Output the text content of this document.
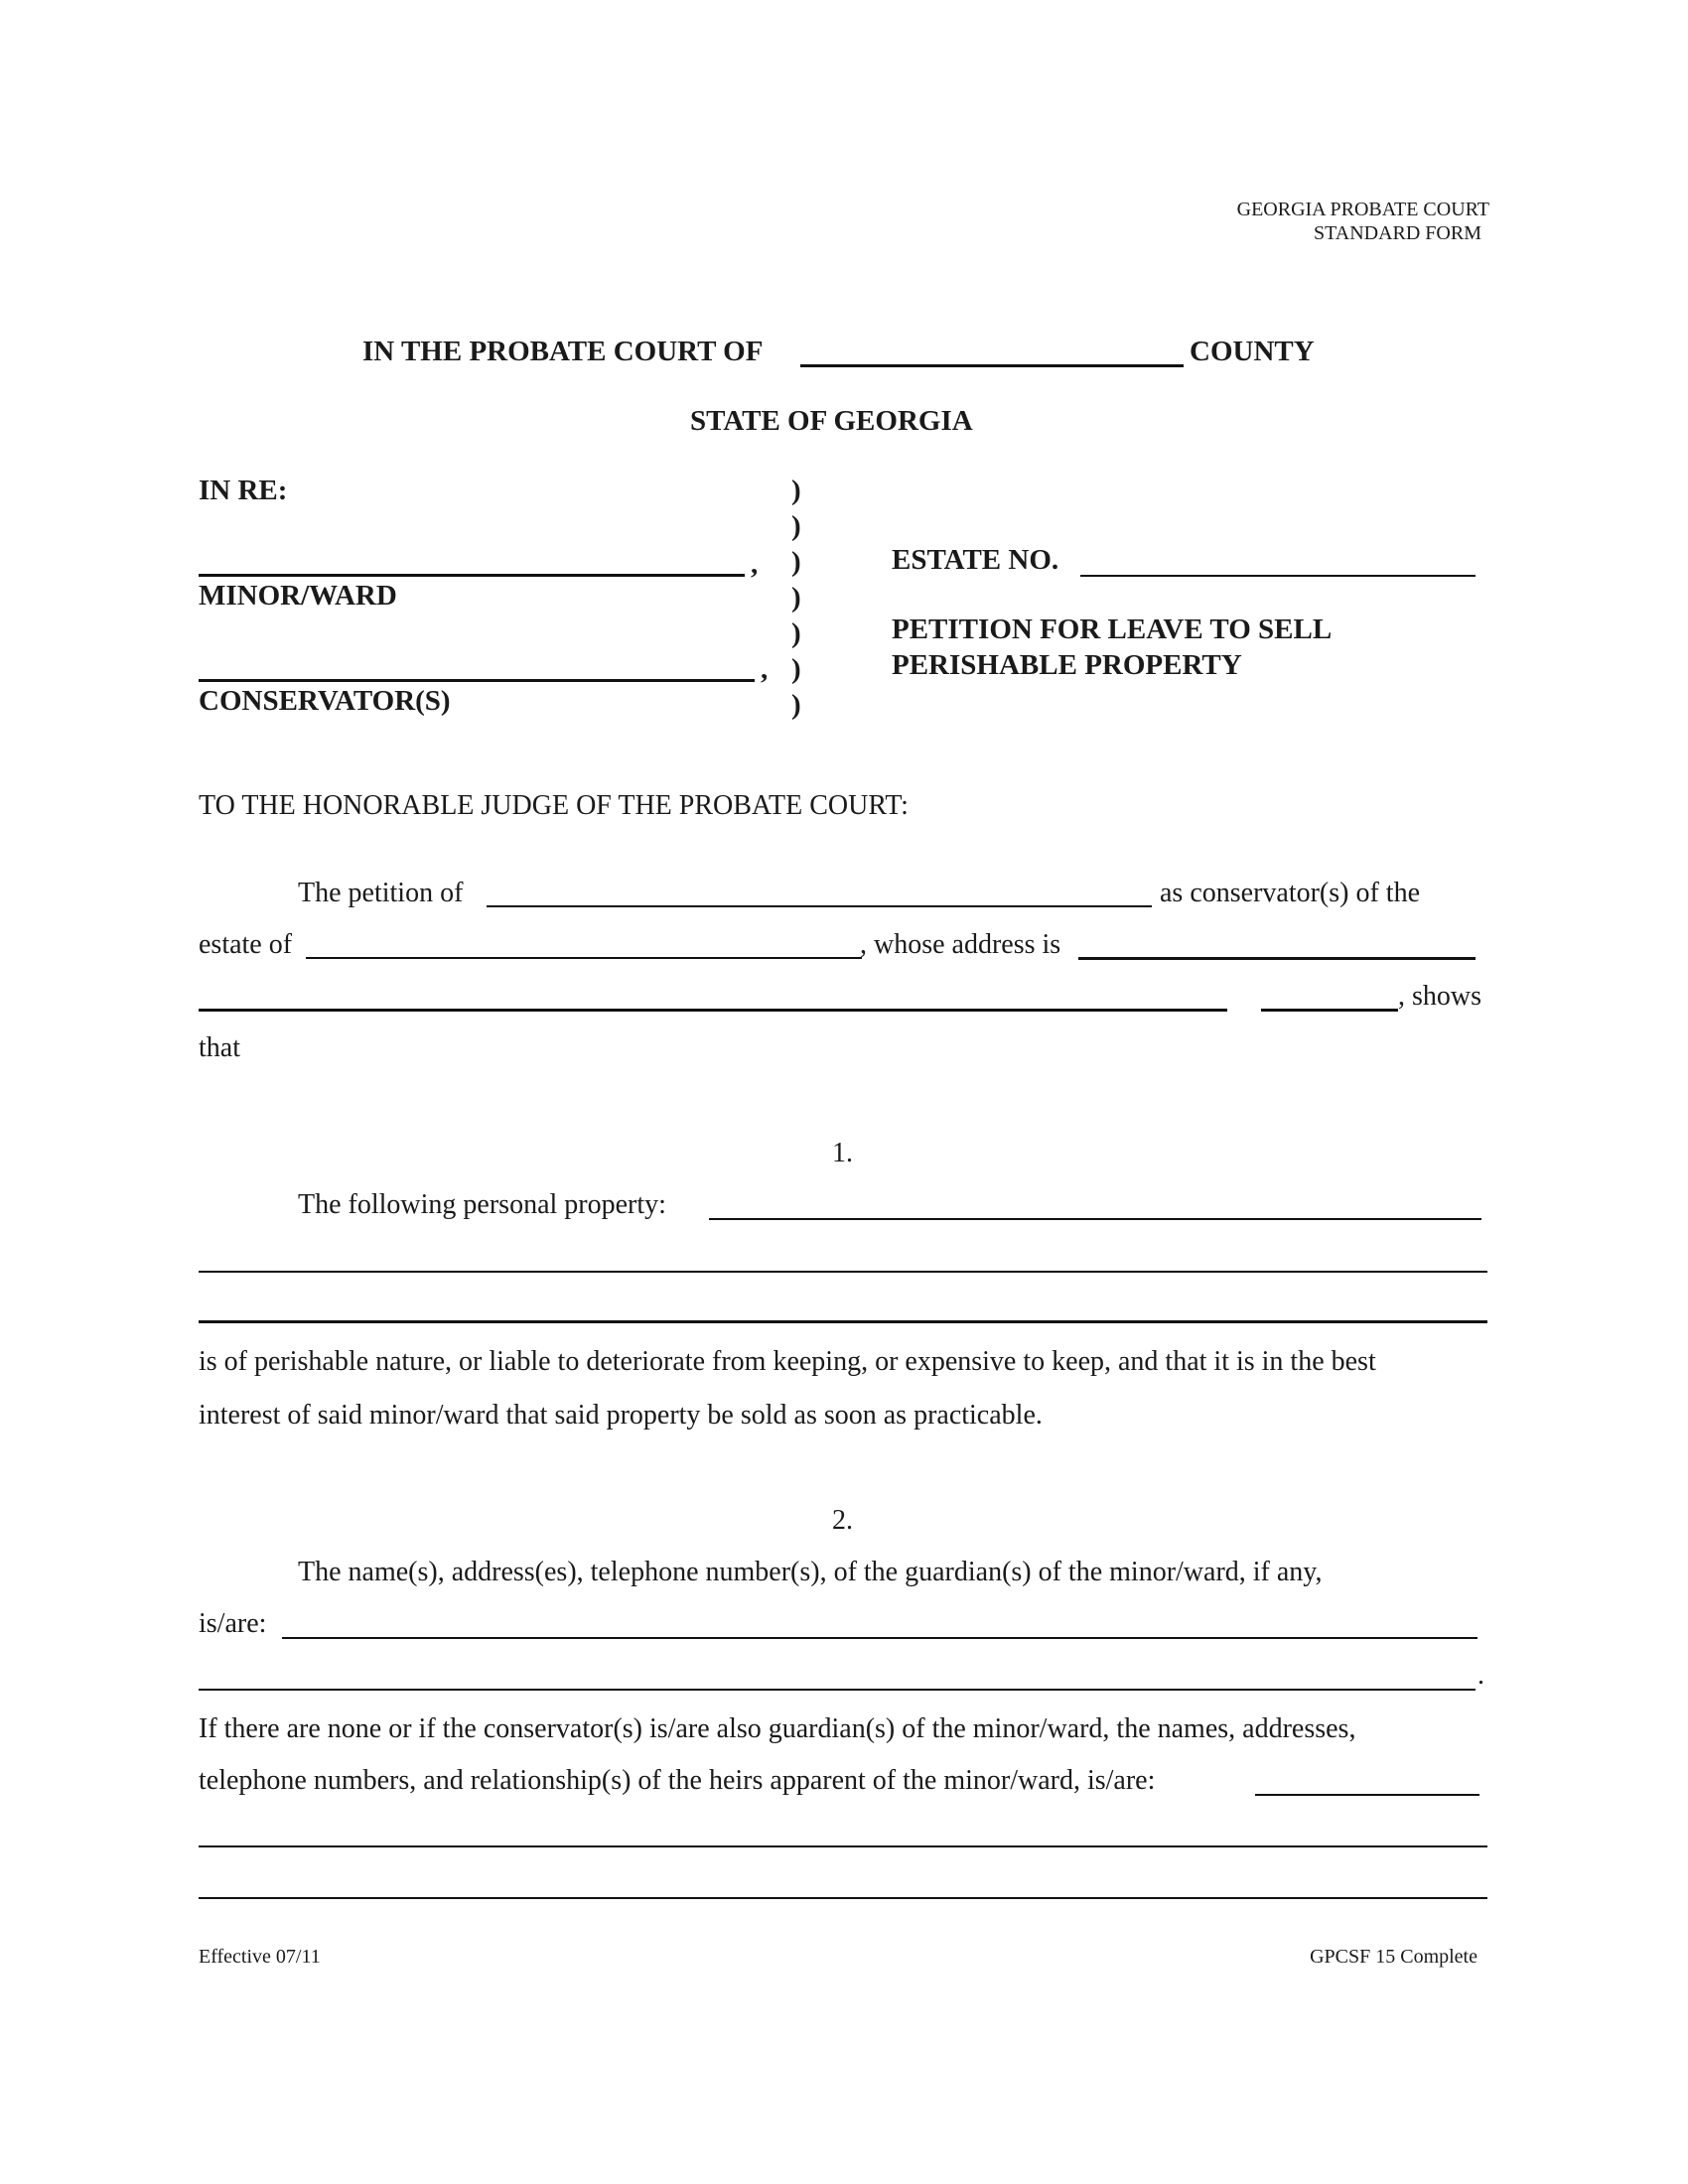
GEORGIA PROBATE COURT
STANDARD FORM
IN THE PROBATE COURT OF	COUNTY
STATE OF GEORGIA
IN RE:
,
MINOR/WARD
,
CONSERVATOR(S)
)
)
)
)
)
)
)
ESTATE NO.
PETITION FOR LEAVE TO SELL
PERISHABLE PROPERTY
TO THE HONORABLE JUDGE OF THE PROBATE COURT:
The petition of	as conservator(s) of the
estate of	, whose address is
, shows
that
1.
The following personal property:
is of perishable nature, or liable to deteriorate from keeping, or expensive to keep, and that it is in the best
interest of said minor/ward that said property be sold as soon as practicable.
2.
The name(s), address(es), telephone number(s), of the guardian(s) of the minor/ward, if any,
is/are:
.
If there are none or if the conservator(s) is/are also guardian(s) of the minor/ward, the names, addresses,
telephone numbers, and relationship(s) of the heirs apparent of the minor/ward, is/are:
Effective 07/11	GPCSF 15 Complete
